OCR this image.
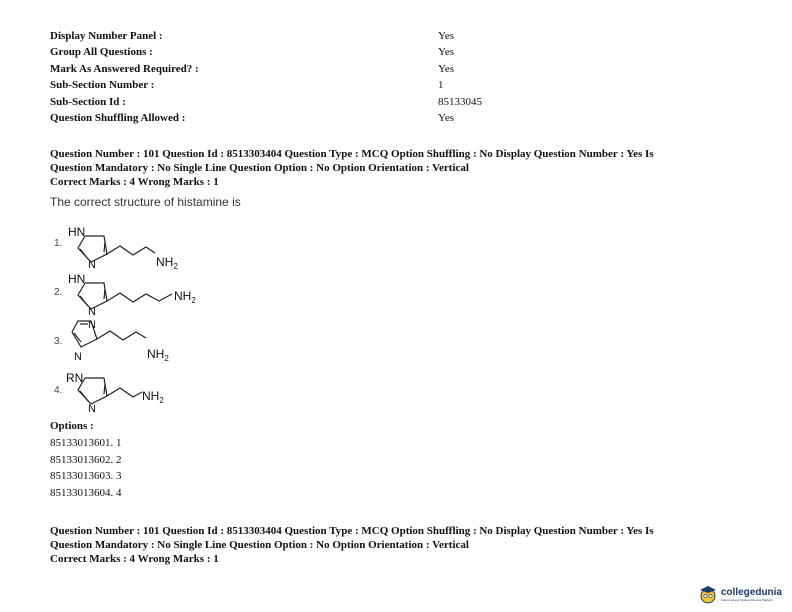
Display Number Panel :	Yes
Group All Questions :	Yes
Mark As Answered Required? :	Yes
Sub-Section Number :	1
Sub-Section Id :	85133045
Question Shuffling Allowed :	Yes
Question Number : 101 Question Id : 8513303404 Question Type : MCQ Option Shuffling : No Display Question Number : Yes Is
Question Mandatory : No Single Line Question Option : No Option Orientation : Vertical
Correct Marks : 4 Wrong Marks : 1
The correct structure of histamine is
1.
2.
3.
4.
HN
N	$NH_2$
HN
N
$NH_2$
N
N	$NH_2$
RN
N
$NH_2$
Options :
85133013601. 1
85133013602. 2
85133013603. 3
85133013604. 4
Question Number : 101 Question Id : 8513303404 Question Type : MCQ Option Shuffling : No Display Question Number : Yes Is
Question Mandatory : No Single Line Question Option : No Option Orientation : Vertical
Correct Marks : 4 Wrong Marks : 1
collegedunia
India's largest Student Review Platform
